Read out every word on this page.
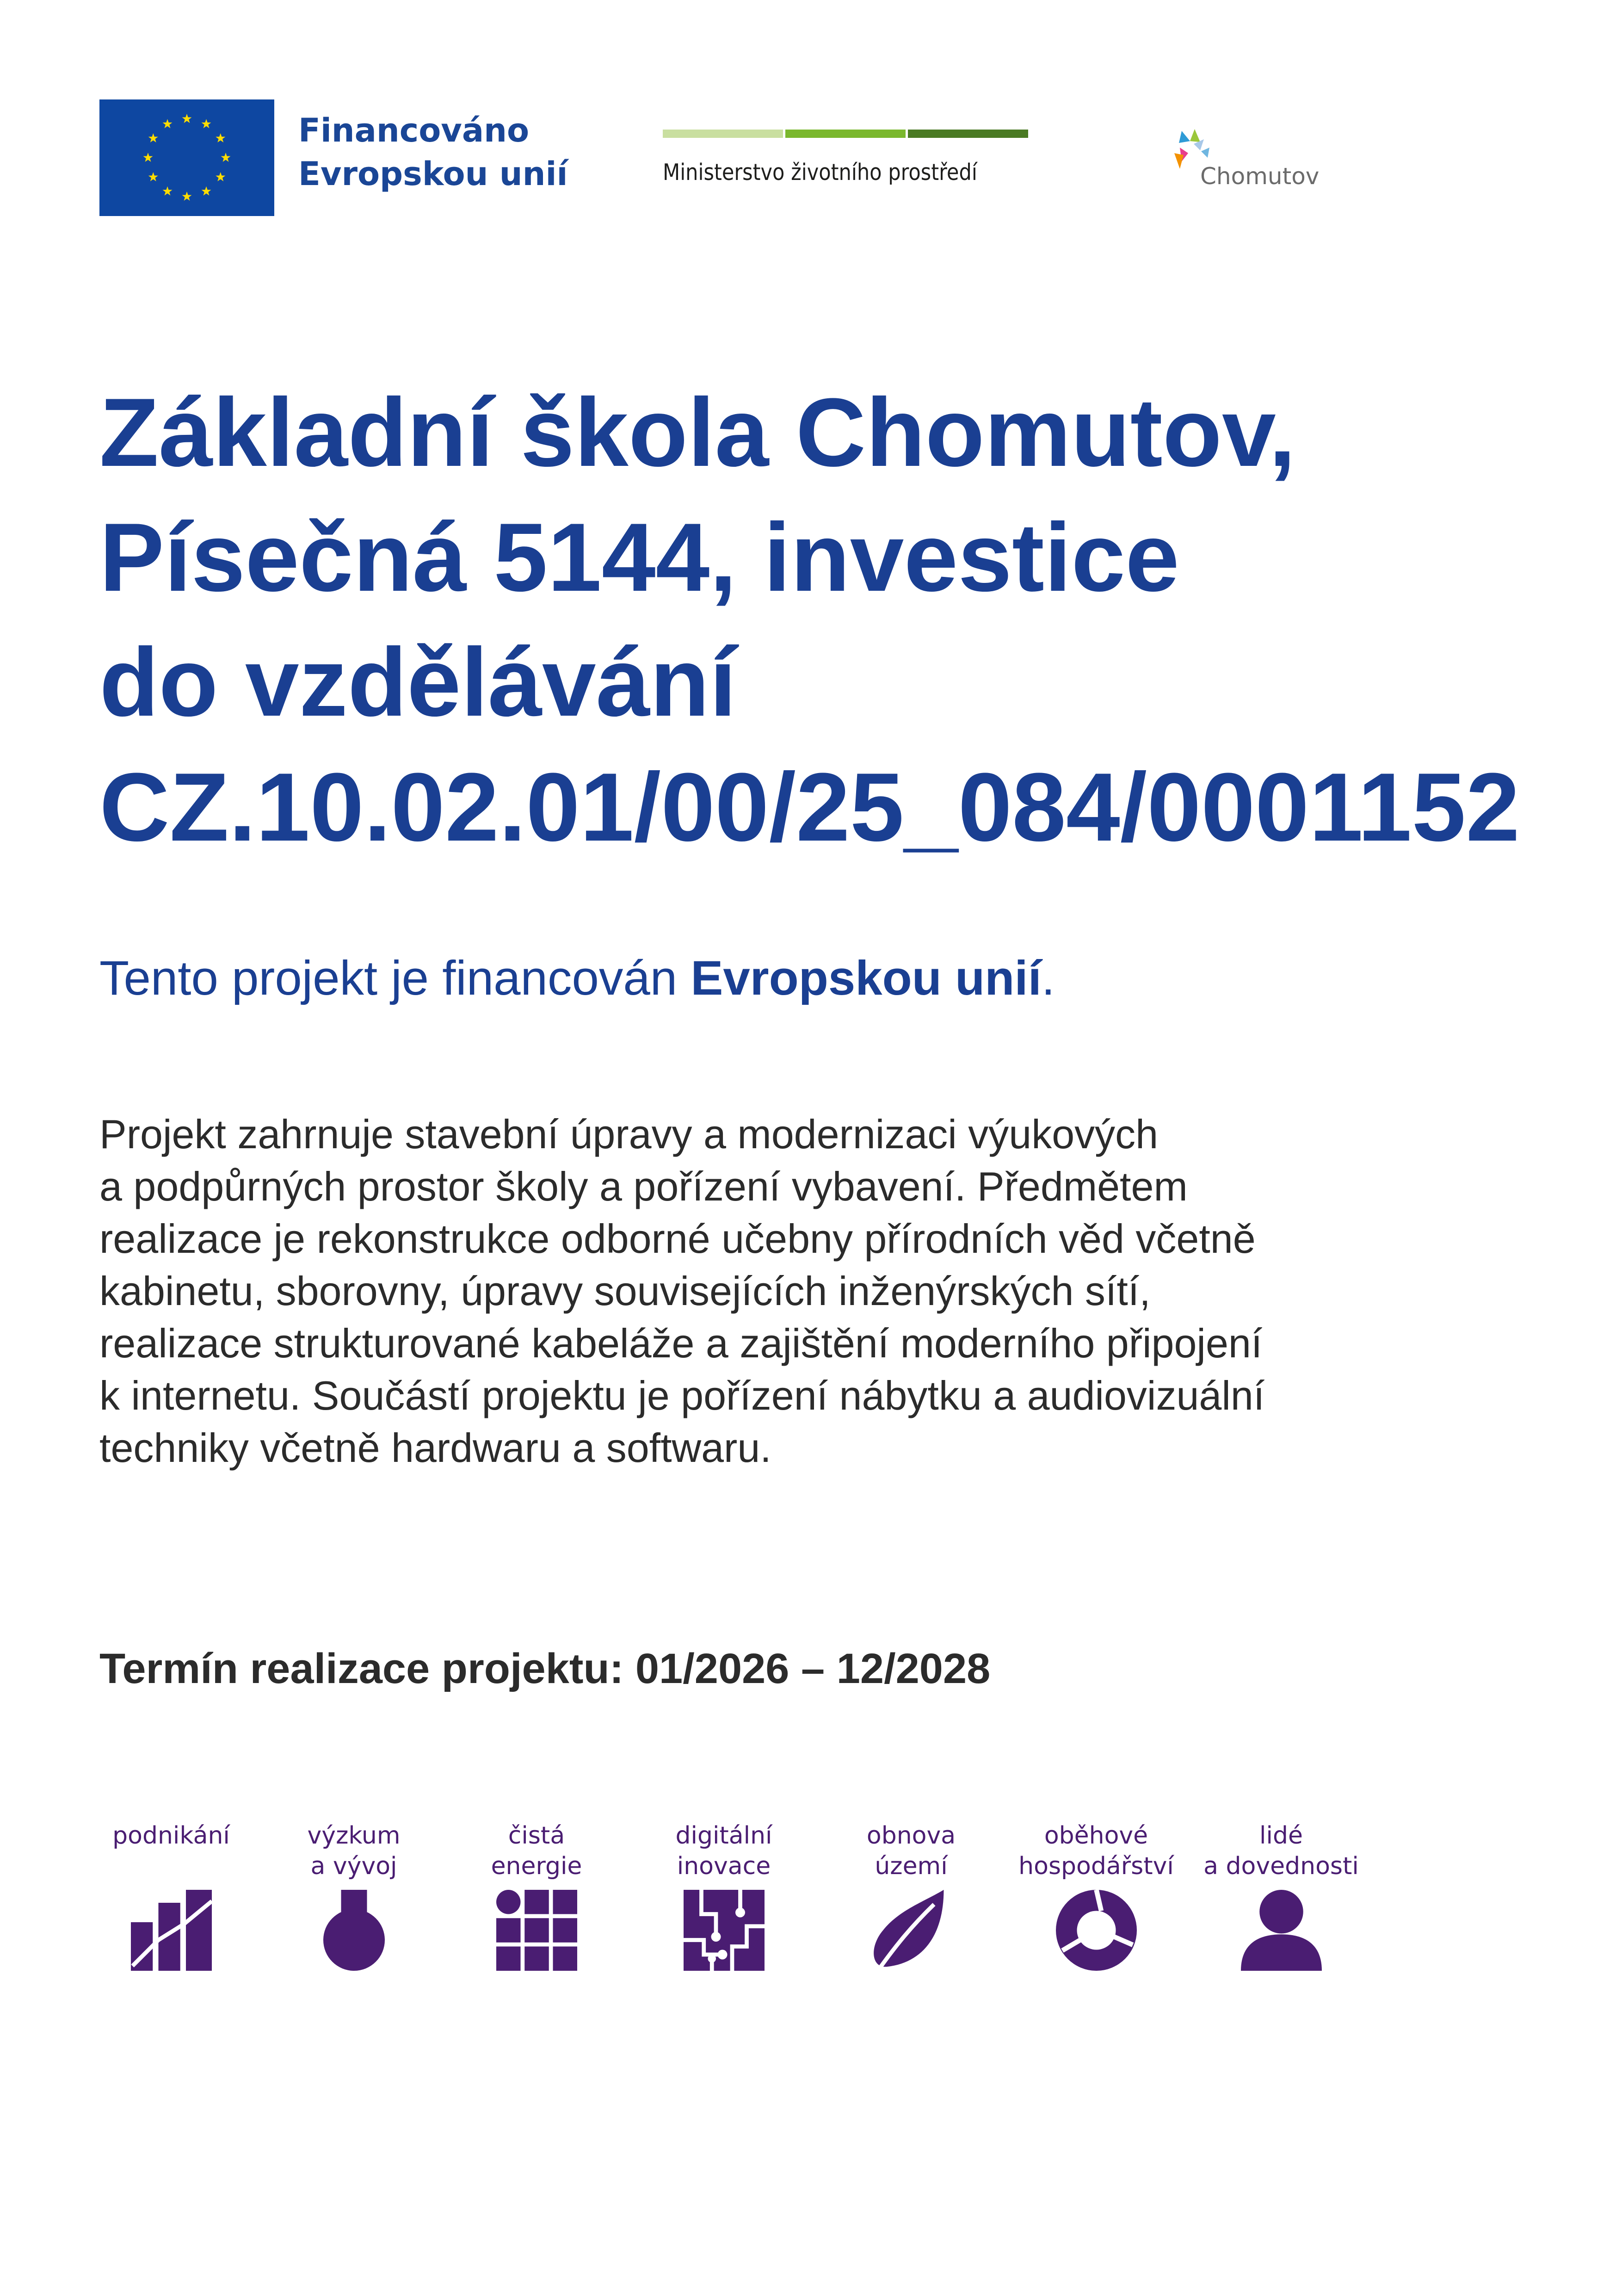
Financováno
Evropskou unií	Ministerstvo životního prostředí	Chomutov
Základní škola Chomutov,
Písečná 5144, investice
do vzdělávání
CZ.10.02.01/00/25_084/0001152
Tento projekt je financován Evropskou unií.
Projekt zahrnuje stavební úpravy a modernizaci výukových
a podpůrných prostor školy a pořízení vybavení. Předmětem
realizace je rekonstrukce odborné učebny přírodních věd včetně
kabinetu, sborovny, úpravy souvisejících inženýrských sítí,
realizace strukturované kabeláže a zajištění moderního připojení
k internetu. Součástí projektu je pořízení nábytku a audiovizuální
techniky včetně hardwaru a softwaru.
Termín realizace projektu: 01/2026 – 12/2028
podnikání	výzkum
a vývoj
čistá
energie
digitální
inovace
obnova
území
oběhové
hospodářství
lidé
a dovednosti
